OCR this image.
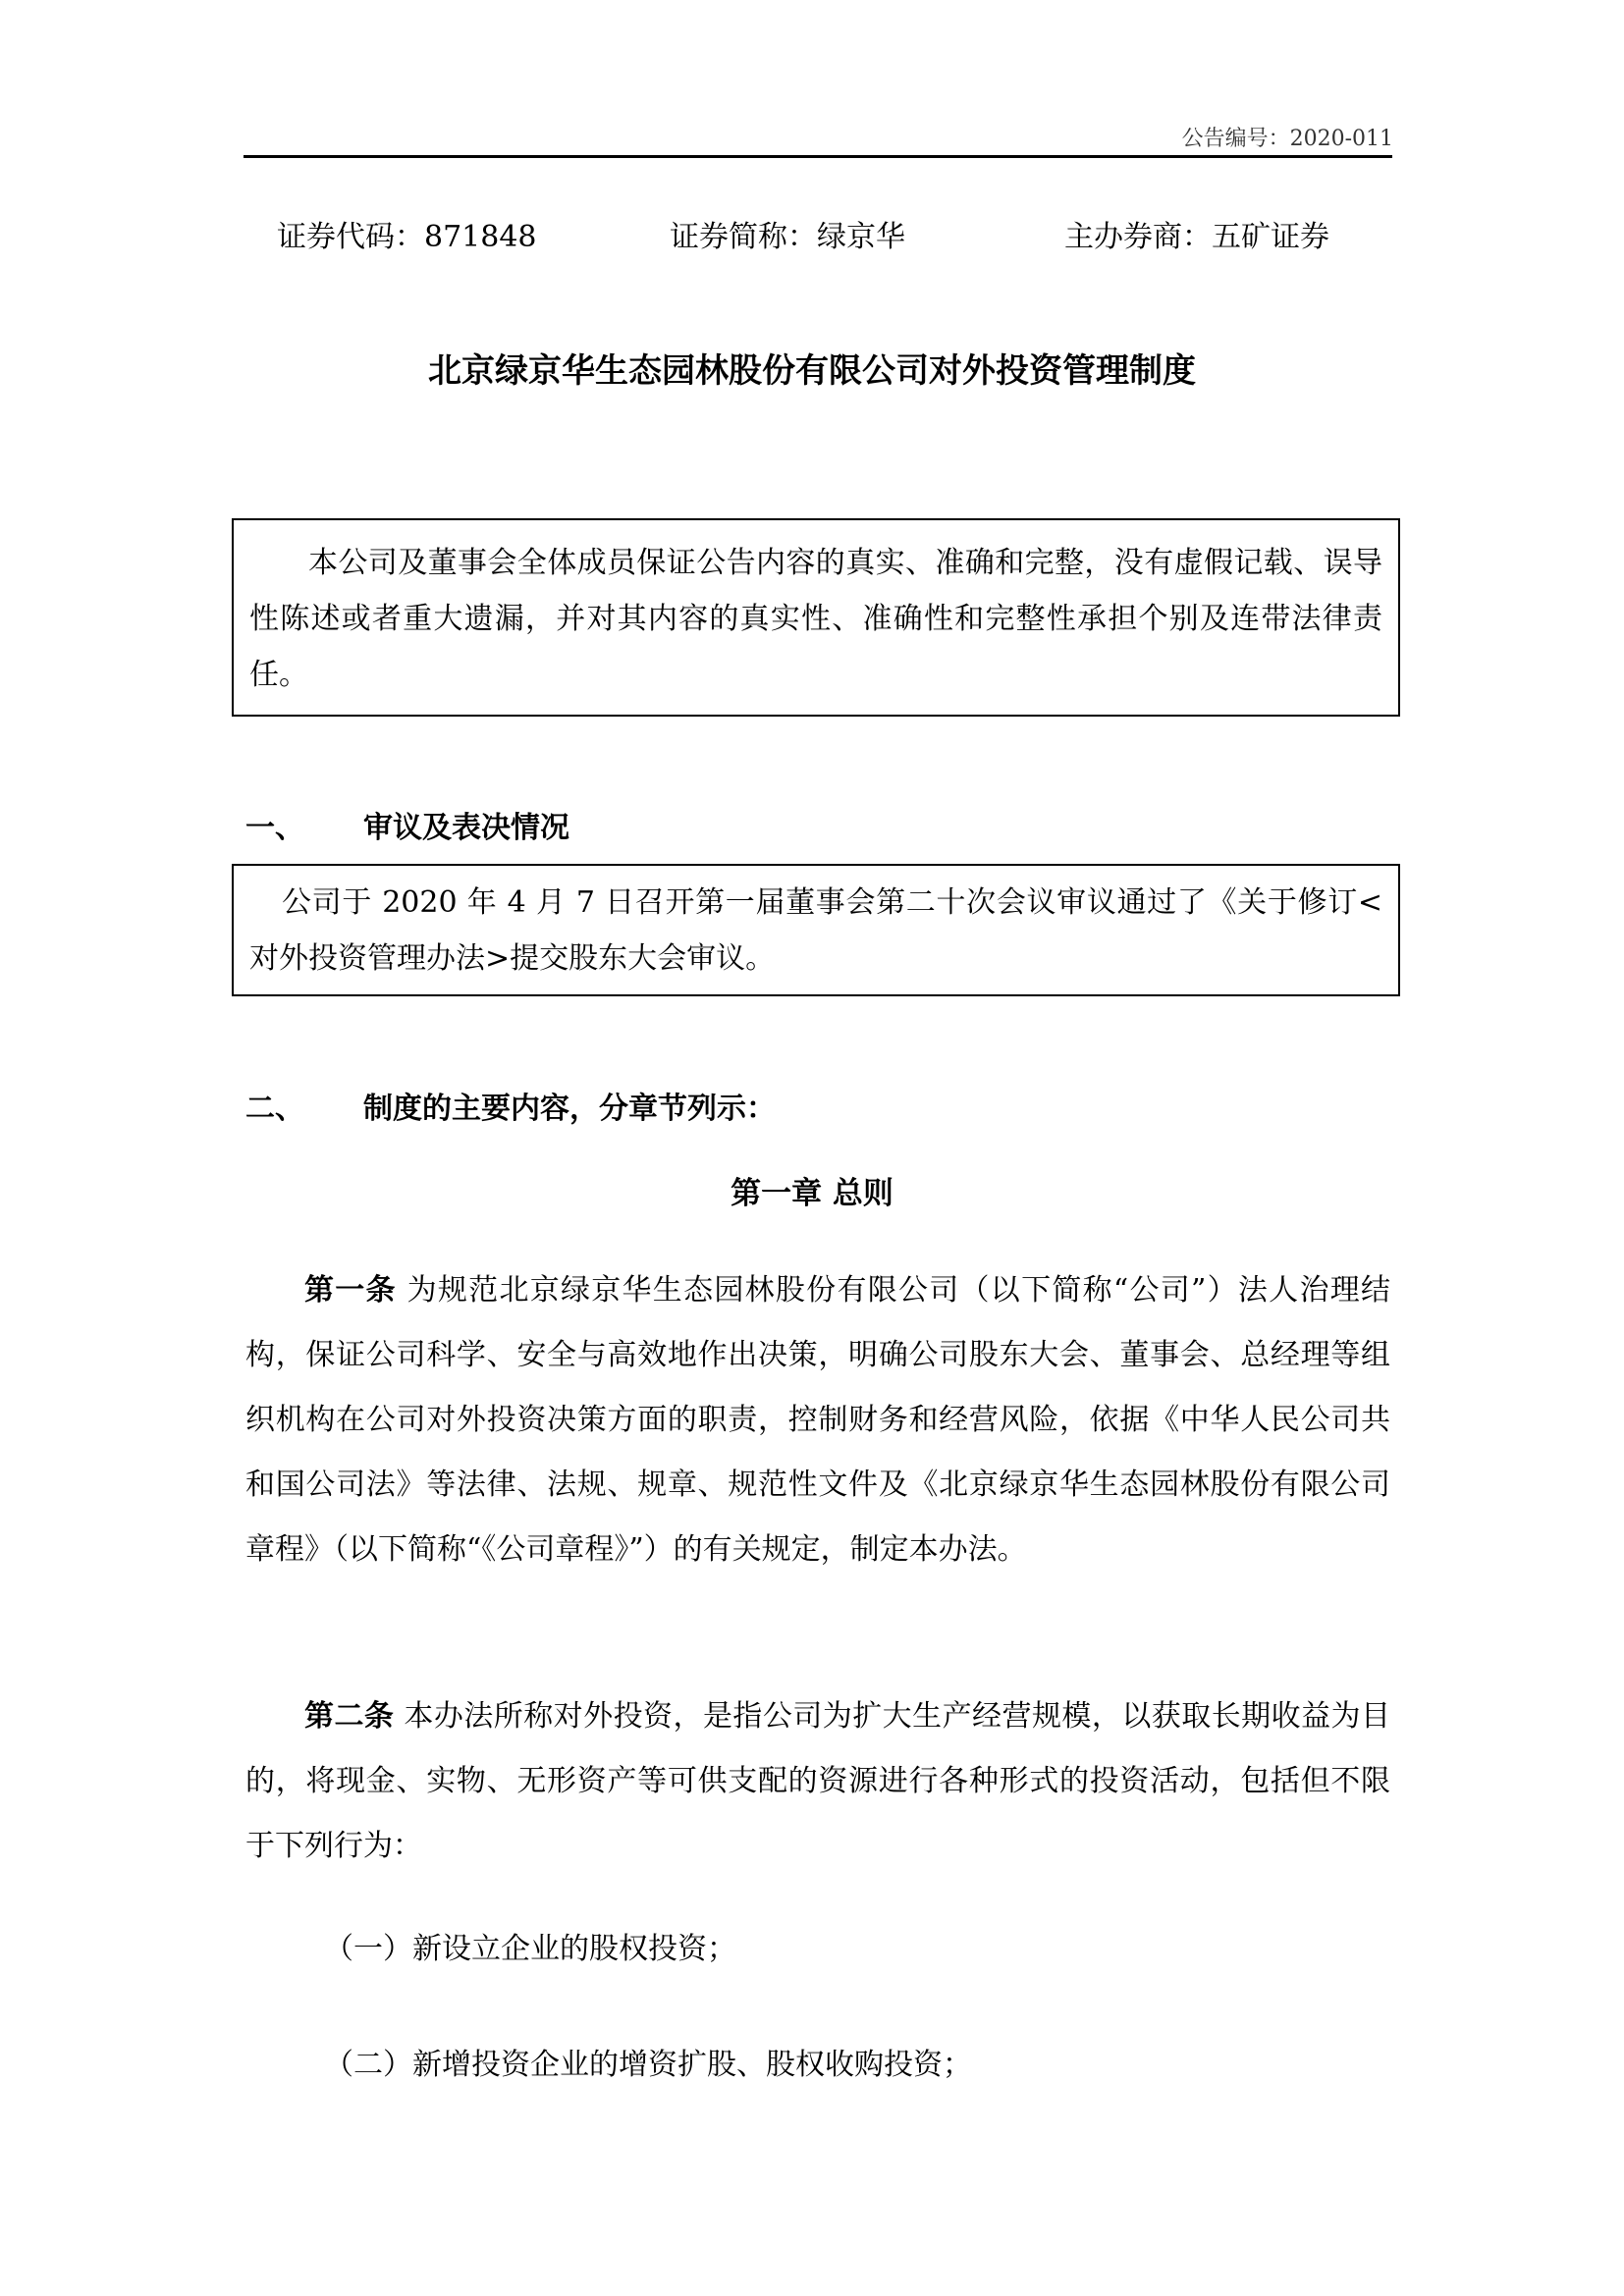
公告编号：2020-011
证券代码：871848	证券简称：绿京华	主办券商：五矿证券
北京绿京华生态园林股份有限公司对外投资管理制度

本公司及董事会全体成员保证公告内容的真实、准确和完整，没有虚假记载、误导性陈述或者重大遗漏，并对其内容的真实性、准确性和完整性承担个别及连带法律责任。

一、 审议及表决情况

公司于 2020 年 4 月 7 日召开第一届董事会第二十次会议审议通过了《关于修订<对外投资管理办法>提交股东大会审议。

二、 制度的主要内容，分章节列示：
第一章 总则

第一条 为规范北京绿京华生态园林股份有限公司（以下简称“公司”）法人治理结构，保证公司科学、安全与高效地作出决策，明确公司股东大会、董事会、总经理等组织机构在公司对外投资决策方面的职责，控制财务和经营风险，依据《中华人民公司共和国公司法》等法律、法规、规章、规范性文件及《北京绿京华生态园林股份有限公司章程》（以下简称“《公司章程》”）的有关规定，制定本办法。

第二条 本办法所称对外投资，是指公司为扩大生产经营规模，以获取长期收益为目的，将现金、实物、无形资产等可供支配的资源进行各种形式的投资活动，包括但不限于下列行为：

（一）新设立企业的股权投资；
（二）新增投资企业的增资扩股、股权收购投资；
